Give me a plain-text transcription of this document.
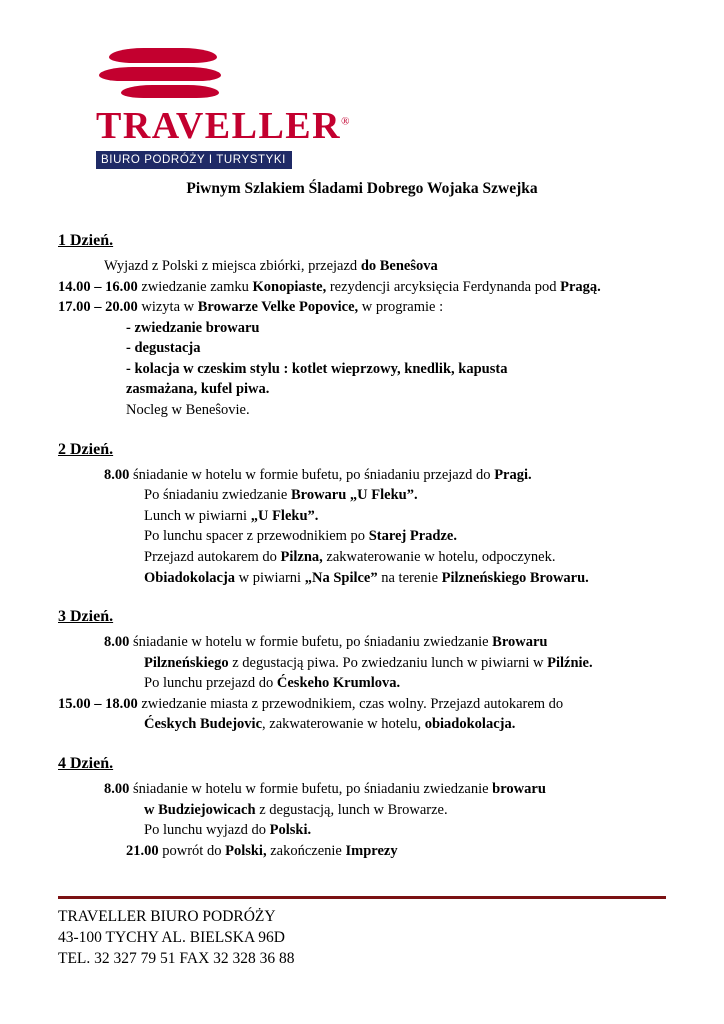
TRAVELLER®
BIURO PODRÓŻY I TURYSTYKI
Piwnym Szlakiem Śladami Dobrego Wojaka Szwejka
1 Dzień.
Wyjazd z Polski z miejsca zbiórki, przejazd do Beneŝova
14.00 – 16.00 zwiedzanie zamku Konopiaste, rezydencji arcyksięcia Ferdynanda pod Pragą.
17.00 – 20.00 wizyta w Browarze Velke Popovice, w programie :
- zwiedzanie browaru
- degustacja
- kolacja w czeskim stylu : kotlet wieprzowy, knedlik, kapusta
zasmażana, kufel piwa.
Nocleg w Beneŝovie.
2 Dzień.
8.00 śniadanie w hotelu w formie bufetu, po śniadaniu przejazd do Pragi.
Po śniadaniu zwiedzanie Browaru „U Fleku”.
Lunch w piwiarni „U Fleku”.
Po lunchu spacer z przewodnikiem po Starej Pradze.
Przejazd autokarem do Pilzna, zakwaterowanie w hotelu, odpoczynek.
Obiadokolacja w piwiarni „Na Spilce” na terenie Pilzneńskiego Browaru.
3 Dzień.
8.00 śniadanie w hotelu w formie bufetu, po śniadaniu zwiedzanie Browaru
Pilzneńskiego z degustacją piwa. Po zwiedzaniu lunch w piwiarni w Pilźnie.
Po lunchu przejazd do Ćeskeho Krumlova.
15.00 – 18.00 zwiedzanie miasta z przewodnikiem, czas wolny. Przejazd autokarem do
Ćeskych Budejovic, zakwaterowanie w hotelu, obiadokolacja.
4 Dzień.
8.00 śniadanie w hotelu w formie bufetu, po śniadaniu zwiedzanie browaru
w Budziejowicach z degustacją, lunch w Browarze.
Po lunchu wyjazd do Polski.
21.00 powrót do Polski, zakończenie Imprezy
TRAVELLER BIURO PODRÓŻY
43-100 TYCHY AL. BIELSKA 96D
TEL. 32 327 79 51 FAX 32 328 36 88
